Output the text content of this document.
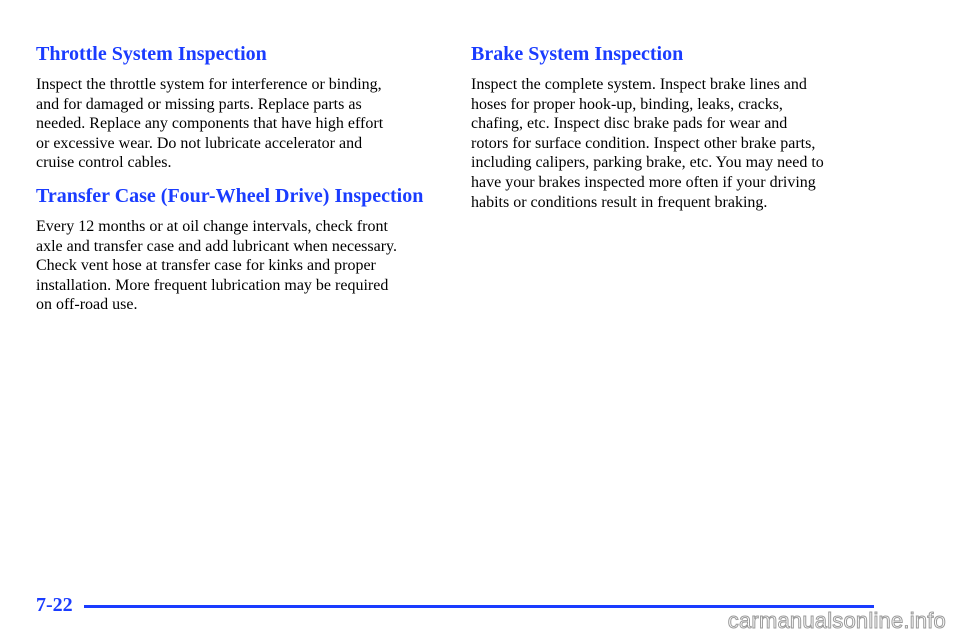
Throttle System Inspection

Inspect the throttle system for interference or binding,
and for damaged or missing parts. Replace parts as
needed. Replace any components that have high effort
or excessive wear. Do not lubricate accelerator and
cruise control cables.

Transfer Case (Four-Wheel Drive) Inspection

Every 12 months or at oil change intervals, check front
axle and transfer case and add lubricant when necessary.
Check vent hose at transfer case for kinks and proper
installation. More frequent lubrication may be required
on off-road use.

Brake System Inspection

Inspect the complete system. Inspect brake lines and
hoses for proper hook-up, binding, leaks, cracks,
chafing, etc. Inspect disc brake pads for wear and
rotors for surface condition. Inspect other brake parts,
including calipers, parking brake, etc. You may need to
have your brakes inspected more often if your driving
habits or conditions result in frequent braking.

7-22
carmanualsonline.info
